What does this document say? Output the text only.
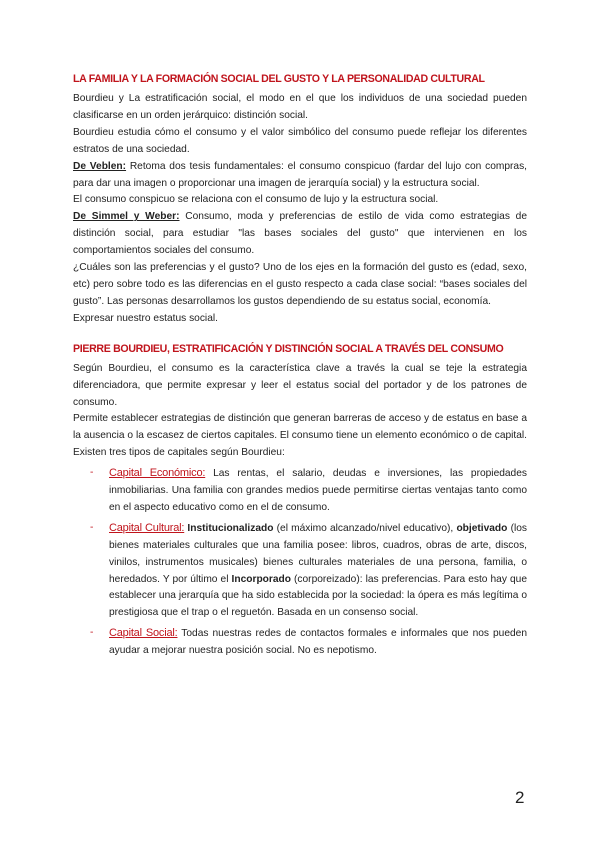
LA FAMILIA Y LA FORMACIÓN SOCIAL DEL GUSTO Y LA PERSONALIDAD CULTURAL

Bourdieu y La estratificación social, el modo en el que los individuos de una sociedad pueden clasificarse en un orden jerárquico: distinción social.

Bourdieu estudia cómo el consumo y el valor simbólico del consumo puede reflejar los diferentes estratos de una sociedad.

De Veblen: Retoma dos tesis fundamentales: el consumo conspicuo (fardar del lujo con compras, para dar una imagen o proporcionar una imagen de jerarquía social) y la estructura social.

El consumo conspicuo se relaciona con el consumo de lujo y la estructura social.

De Simmel y Weber: Consumo, moda y preferencias de estilo de vida como estrategias de distinción social, para estudiar "las bases sociales del gusto" que intervienen en los comportamientos sociales del consumo.

¿Cuáles son las preferencias y el gusto? Uno de los ejes en la formación del gusto es (edad, sexo, etc) pero sobre todo es las diferencias en el gusto respecto a cada clase social: “bases sociales del gusto”. Las personas desarrollamos los gustos dependiendo de su estatus social, economía.

Expresar nuestro estatus social.

PIERRE BOURDIEU, ESTRATIFICACIÓN Y DISTINCIÓN SOCIAL A TRAVÉS DEL CONSUMO

Según Bourdieu, el consumo es la característica clave a través la cual se teje la estrategia diferenciadora, que permite expresar y leer el estatus social del portador y de los patrones de consumo.

Permite establecer estrategias de distinción que generan barreras de acceso y de estatus en base a la ausencia o la escasez de ciertos capitales. El consumo tiene un elemento económico o de capital. Existen tres tipos de capitales según Bourdieu:

- Capital Económico: Las rentas, el salario, deudas e inversiones, las propiedades inmobiliarias. Una familia con grandes medios puede permitirse ciertas ventajas tanto como en el aspecto educativo como en el de consumo.

- Capital Cultural: Institucionalizado (el máximo alcanzado/nivel educativo), objetivado (los bienes materiales culturales que una familia posee: libros, cuadros, obras de arte, discos, vinilos, instrumentos musicales) bienes culturales materiales de una persona, familia, o heredados. Y por último el Incorporado (corporeizado): las preferencias. Para esto hay que establecer una jerarquía que ha sido establecida por la sociedad: la ópera es más legítima o prestigiosa que el trap o el reguetón. Basada en un consenso social.

- Capital Social: Todas nuestras redes de contactos formales e informales que nos pueden ayudar a mejorar nuestra posición social. No es nepotismo.

2
